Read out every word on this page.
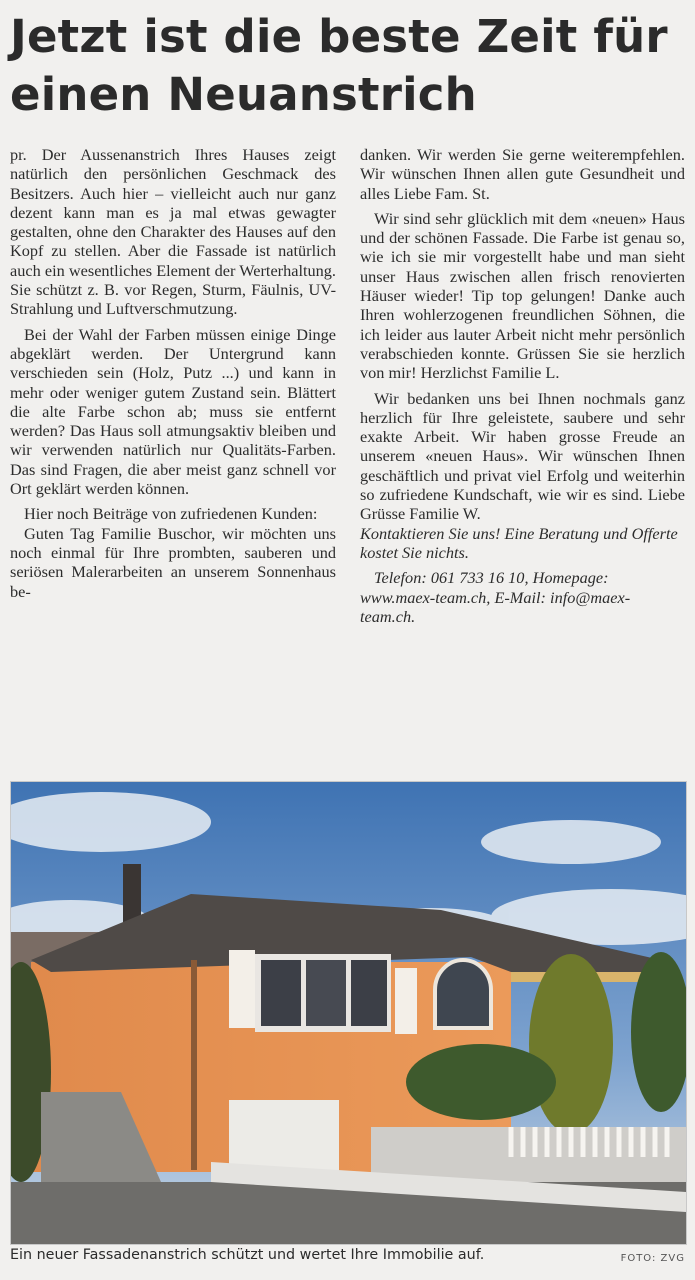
Jetzt ist die beste Zeit für
einen Neuanstrich

pr. Der Aussenanstrich Ihres Hauses zeigt natürlich den persönlichen Geschmack des Besitzers. Auch hier – vielleicht auch nur ganz dezent kann man es ja mal etwas gewagter gestalten, ohne den Charakter des Hauses auf den Kopf zu stellen. Aber die Fassade ist natürlich auch ein wesentliches Element der Werterhaltung. Sie schützt z. B. vor Regen, Sturm, Fäulnis, UV-Strahlung und Luftverschmutzung.

Bei der Wahl der Farben müssen einige Dinge abgeklärt werden. Der Untergrund kann verschieden sein (Holz, Putz ...) und kann in mehr oder weniger gutem Zustand sein. Blättert die alte Farbe schon ab; muss sie entfernt werden? Das Haus soll atmungsaktiv bleiben und wir verwenden natürlich nur Qualitäts-Farben. Das sind Fragen, die aber meist ganz schnell vor Ort geklärt werden können.

Hier noch Beiträge von zufriedenen Kunden:

Guten Tag Familie Buschor, wir möchten uns noch einmal für Ihre prombten, sauberen und seriösen Malerarbeiten an unserem Sonnenhaus be-

danken. Wir werden Sie gerne weiterempfehlen. Wir wünschen Ihnen allen gute Gesundheit und alles Liebe Fam. St.

Wir sind sehr glücklich mit dem «neuen» Haus und der schönen Fassade. Die Farbe ist genau so, wie ich sie mir vorgestellt habe und man sieht unser Haus zwischen allen frisch renovierten Häuser wieder! Tip top gelungen! Danke auch Ihren wohlerzogenen freundlichen Söhnen, die ich leider aus lauter Arbeit nicht mehr persönlich verabschieden konnte. Grüssen Sie sie herzlich von mir! Herzlichst Familie L.

Wir bedanken uns bei Ihnen nochmals ganz herzlich für Ihre geleistete, saubere und sehr exakte Arbeit. Wir haben grosse Freude an unserem «neuen Haus». Wir wünschen Ihnen geschäftlich und privat viel Erfolg und weiterhin so zufriedene Kundschaft, wie wir es sind. Liebe Grüsse Familie W.

Kontaktieren Sie uns! Eine Beratung und Offerte kostet Sie nichts.

Telefon: 061 733 16 10, Homepage: www.maex-team.ch, E-Mail: info@maex-team.ch.

Ein neuer Fassadenanstrich schützt und wertet Ihre Immobilie auf.	FOTO: ZVG
